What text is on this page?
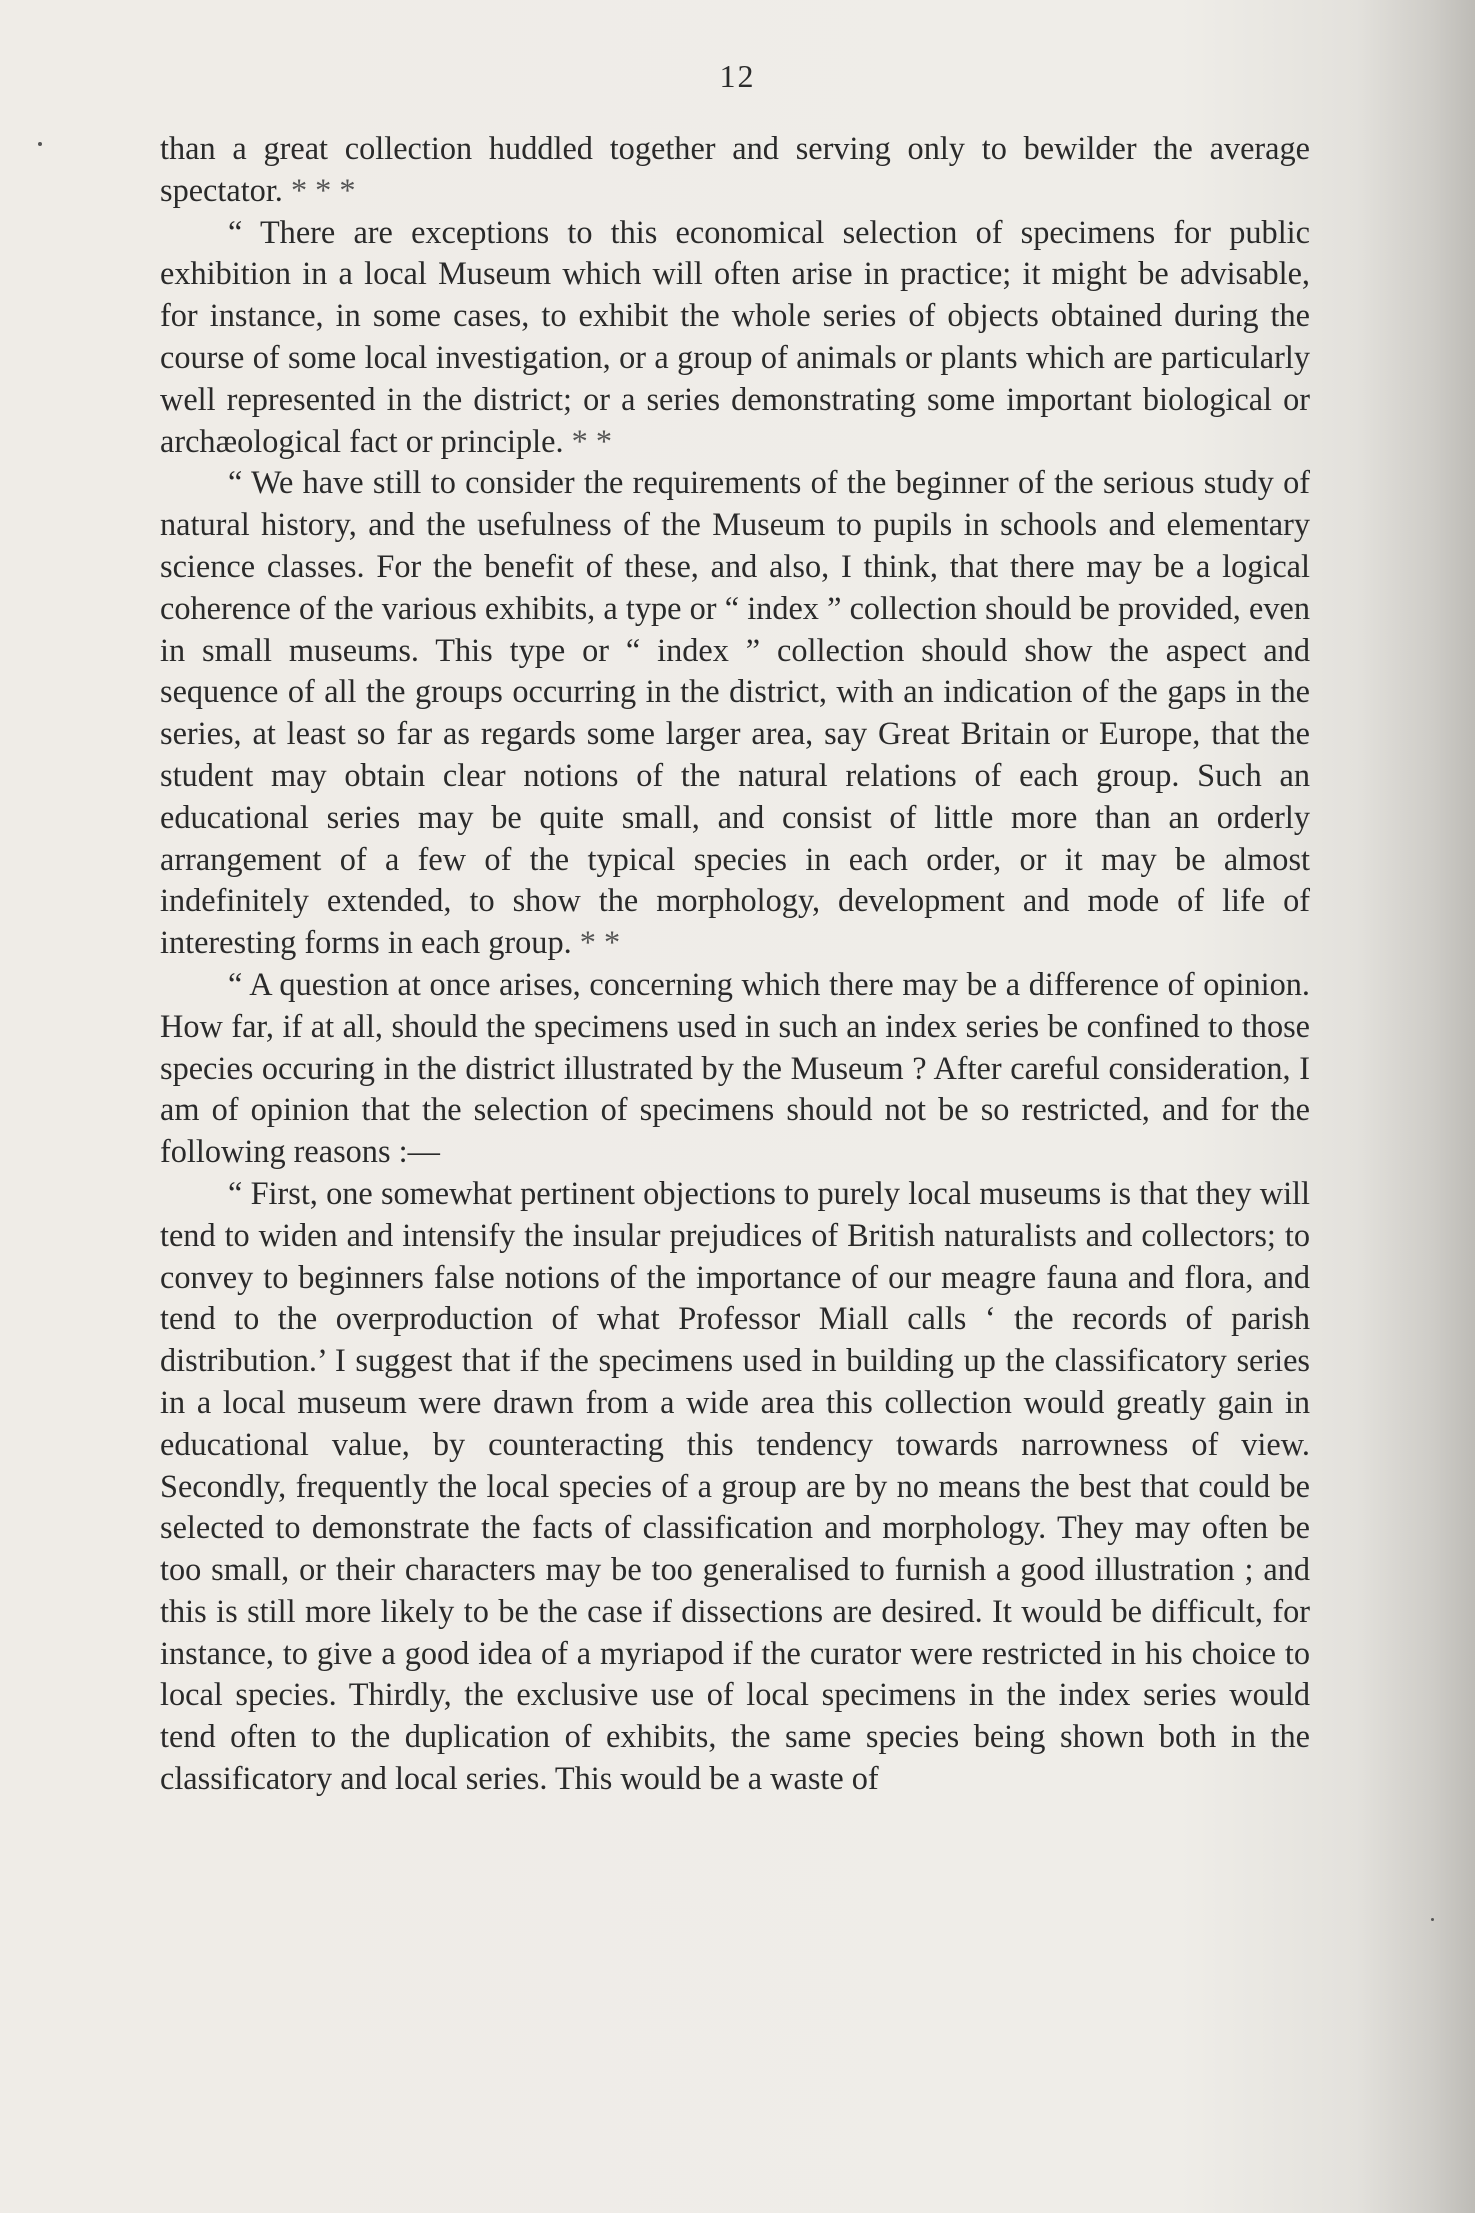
12

than a great collection huddled together and serving only to bewilder the average spectator. * * *

“ There are exceptions to this economical selection of specimens for public exhibition in a local Museum which will often arise in practice; it might be advisable, for instance, in some cases, to exhibit the whole series of objects obtained during the course of some local investigation, or a group of animals or plants which are particularly well represented in the district; or a series demonstrating some important biological or archæological fact or principle. * *

“ We have still to consider the requirements of the beginner of the serious study of natural history, and the usefulness of the Museum to pupils in schools and elementary science classes. For the benefit of these, and also, I think, that there may be a logical coherence of the various exhibits, a type or “ index ” collection should be provided, even in small museums. This type or “ index ” collection should show the aspect and sequence of all the groups occurring in the district, with an indication of the gaps in the series, at least so far as regards some larger area, say Great Britain or Europe, that the student may obtain clear notions of the natural relations of each group. Such an educational series may be quite small, and consist of little more than an orderly arrangement of a few of the typical species in each order, or it may be almost indefinitely extended, to show the morphology, development and mode of life of interesting forms in each group. * *

“ A question at once arises, concerning which there may be a difference of opinion. How far, if at all, should the specimens used in such an index series be confined to those species occuring in the district illustrated by the Museum ? After careful consideration, I am of opinion that the selection of specimens should not be so restricted, and for the following reasons :—

“ First, one somewhat pertinent objections to purely local museums is that they will tend to widen and intensify the insular prejudices of British naturalists and collectors; to convey to beginners false notions of the importance of our meagre fauna and flora, and tend to the overproduction of what Professor Miall calls ‘ the records of parish distribution.’ I suggest that if the specimens used in building up the classificatory series in a local museum were drawn from a wide area this collection would greatly gain in educational value, by counteracting this tendency towards narrowness of view. Secondly, frequently the local species of a group are by no means the best that could be selected to demonstrate the facts of classification and morphology. They may often be too small, or their characters may be too generalised to furnish a good illustration ; and this is still more likely to be the case if dissections are desired. It would be difficult, for instance, to give a good idea of a myriapod if the curator were restricted in his choice to local species. Thirdly, the exclusive use of local specimens in the index series would tend often to the duplication of exhibits, the same species being shown both in the classificatory and local series. This would be a waste of
